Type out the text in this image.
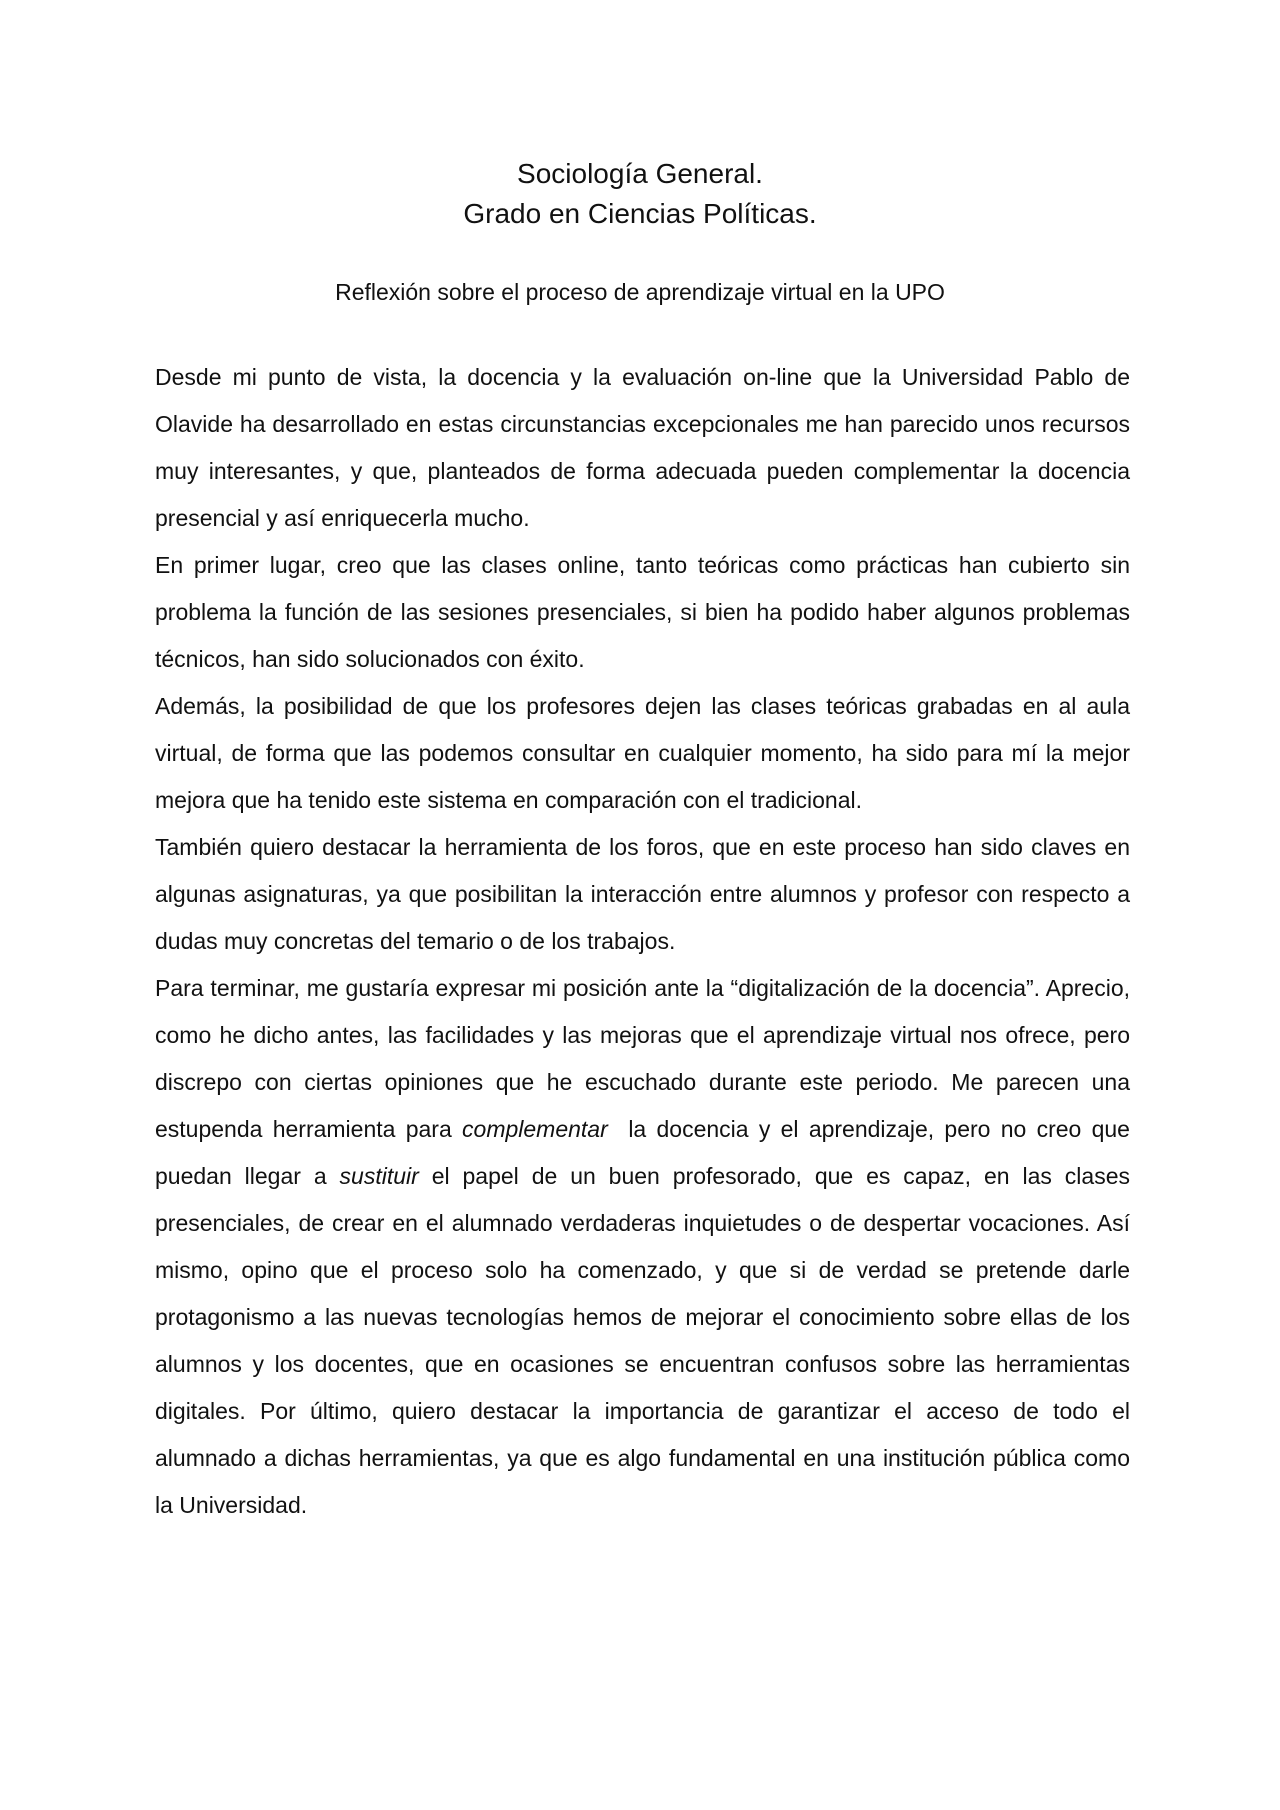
Sociología General.

Grado en Ciencias Políticas.

Reflexión sobre el proceso de aprendizaje virtual en la UPO

Desde mi punto de vista, la docencia y la evaluación on-line que la Universidad Pablo de Olavide ha desarrollado en estas circunstancias excepcionales me han parecido unos recursos muy interesantes, y que, planteados de forma adecuada pueden complementar la docencia presencial y así enriquecerla mucho.

En primer lugar, creo que las clases online, tanto teóricas como prácticas han cubierto sin problema la función de las sesiones presenciales, si bien ha podido haber algunos problemas técnicos, han sido solucionados con éxito.

Además, la posibilidad de que los profesores dejen las clases teóricas grabadas en al aula virtual, de forma que las podemos consultar en cualquier momento, ha sido para mí la mejor mejora que ha tenido este sistema en comparación con el tradicional.

También quiero destacar la herramienta de los foros, que en este proceso han sido claves en algunas asignaturas, ya que posibilitan la interacción entre alumnos y profesor con respecto a dudas muy concretas del temario o de los trabajos.

Para terminar, me gustaría expresar mi posición ante la “digitalización de la docencia”. Aprecio, como he dicho antes, las facilidades y las mejoras que el aprendizaje virtual nos ofrece, pero discrepo con ciertas opiniones que he escuchado durante este periodo. Me parecen una estupenda herramienta para complementar  la docencia y el aprendizaje, pero no creo que puedan llegar a sustituir el papel de un buen profesorado, que es capaz, en las clases presenciales, de crear en el alumnado verdaderas inquietudes o de despertar vocaciones. Así mismo, opino que el proceso solo ha comenzado, y que si de verdad se pretende darle protagonismo a las nuevas tecnologías hemos de mejorar el conocimiento sobre ellas de los alumnos y los docentes, que en ocasiones se encuentran confusos sobre las herramientas digitales. Por último, quiero destacar la importancia de garantizar el acceso de todo el alumnado a dichas herramientas, ya que es algo fundamental en una institución pública como la Universidad.
